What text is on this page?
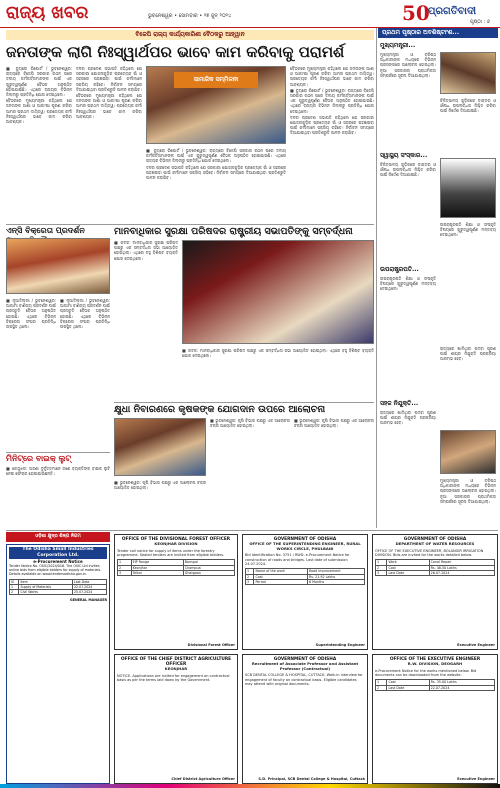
ରାଜ୍ୟ ଖବର	ଭୁବନେଶ୍ୱର • ସୋମବାର • ୨୭ ଜୁନ୍ ୨୦୨୪	50
ପ୍ରଗତିବାଦୀ
ପୃଷ୍ଠା : ୬
ବିଜେପି ରାଜ୍ୟ କାର୍ଯ୍ୟକାରିଣୀ ବୈଠକରୁ ଆହ୍ୱାନ
ଜନତାଙ୍କ ଲାଗି ନିଃସ୍ୱାର୍ଥପର ଭାବେ କାମ କରିବାକୁ ପରାମର୍ଶ

■ ବ୍ୟୁରୋ ରିପୋର୍ଟ / ଭୁବନେଶ୍ୱର: ରାଜ୍ୟରେ ବିଜେପି ସରକାର ଗଠନ ପରେ ଦଳୀୟ କର୍ମକର୍ତ୍ତାମାନଙ୍କ ପାଇଁ ଏକ ଗୁରୁତ୍ୱପୂର୍ଣ୍ଣ ବୈଠକ ଅନୁଷ୍ଠିତ ହୋଇଯାଇଛି। ଏଥିରେ ରାଜ୍ୟର ବିଭିନ୍ନ ଜିଲ୍ଲାରୁ ପ୍ରତିନିଧି ଯୋଗ ଦେଇଥିଲେ।

ବୈଠକରେ ମୁଖ୍ୟମନ୍ତ୍ରୀ କହିଥିଲେ ଯେ ଜନତାଙ୍କ ଆଶା ଓ ଆକାଂକ୍ଷା ପୂରଣ କରିବା ଆମର ପ୍ରଥମ ଦାୟିତ୍ୱ। ପ୍ରତ୍ୟେକ କର୍ମୀ ନିଃସ୍ୱାର୍ଥପର ଭାବେ କାମ କରିବା ଆବଶ୍ୟକ।

ଦଳର ପ୍ରଦେଶ ସଭାପତି କହିଥିଲେ ଯେ ସରକାରୀ ଯୋଜନାଗୁଡ଼ିକ ପ୍ରତ୍ୟେକ ଗାଁ ଓ ସହରରେ ପହଞ୍ଚାଇବା ପାଇଁ କର୍ମୀମାନେ ସକ୍ରିୟ ରହିବେ। ନିର୍ବାଚନ ସମୟରେ ଦିଆଯାଇଥିବା ପ୍ରତିଶ୍ରୁତି ପାଳନ କରାଯିବ।

ବୈଠକରେ ମୁଖ୍ୟମନ୍ତ୍ରୀ କହିଥିଲେ ଯେ ଜନତାଙ୍କ ଆଶା ଓ ଆକାଂକ୍ଷା ପୂରଣ କରିବା ଆମର ପ୍ରଥମ ଦାୟିତ୍ୱ। ପ୍ରତ୍ୟେକ କର୍ମୀ ନିଃସ୍ୱାର୍ଥପର ଭାବେ କାମ କରିବା ଆବଶ୍ୟକ।

ସାମାଜିକ ସମ୍ମିଳନୀ

■ ବ୍ୟୁରୋ ରିପୋର୍ଟ / ଭୁବନେଶ୍ୱର: ରାଜ୍ୟରେ ବିଜେପି ସରକାର ଗଠନ ପରେ ଦଳୀୟ କର୍ମକର୍ତ୍ତାମାନଙ୍କ ପାଇଁ ଏକ ଗୁରୁତ୍ୱପୂର୍ଣ୍ଣ ବୈଠକ ଅନୁଷ୍ଠିତ ହୋଇଯାଇଛି। ଏଥିରେ ରାଜ୍ୟର ବିଭିନ୍ନ ଜିଲ୍ଲାରୁ ପ୍ରତିନିଧି ଯୋଗ ଦେଇଥିଲେ।

ଦଳର ପ୍ରଦେଶ ସଭାପତି କହିଥିଲେ ଯେ ସରକାରୀ ଯୋଜନାଗୁଡ଼ିକ ପ୍ରତ୍ୟେକ ଗାଁ ଓ ସହରରେ ପହଞ୍ଚାଇବା ପାଇଁ କର୍ମୀମାନେ ସକ୍ରିୟ ରହିବେ। ନିର୍ବାଚନ ସମୟରେ ଦିଆଯାଇଥିବା ପ୍ରତିଶ୍ରୁତି ପାଳନ କରାଯିବ।

ବୈଠକରେ ମୁଖ୍ୟମନ୍ତ୍ରୀ କହିଥିଲେ ଯେ ଜନତାଙ୍କ ଆଶା ଓ ଆକାଂକ୍ଷା ପୂରଣ କରିବା ଆମର ପ୍ରଥମ ଦାୟିତ୍ୱ। ପ୍ରତ୍ୟେକ କର୍ମୀ ନିଃସ୍ୱାର୍ଥପର ଭାବେ କାମ କରିବା ଆବଶ୍ୟକ।

■ ବ୍ୟୁରୋ ରିପୋର୍ଟ / ଭୁବନେଶ୍ୱର: ରାଜ୍ୟରେ ବିଜେପି ସରକାର ଗଠନ ପରେ ଦଳୀୟ କର୍ମକର୍ତ୍ତାମାନଙ୍କ ପାଇଁ ଏକ ଗୁରୁତ୍ୱପୂର୍ଣ୍ଣ ବୈଠକ ଅନୁଷ୍ଠିତ ହୋଇଯାଇଛି। ଏଥିରେ ରାଜ୍ୟର ବିଭିନ୍ନ ଜିଲ୍ଲାରୁ ପ୍ରତିନିଧି ଯୋଗ ଦେଇଥିଲେ।

ଦଳର ପ୍ରଦେଶ ସଭାପତି କହିଥିଲେ ଯେ ସରକାରୀ ଯୋଜନାଗୁଡ଼ିକ ପ୍ରତ୍ୟେକ ଗାଁ ଓ ସହରରେ ପହଞ୍ଚାଇବା ପାଇଁ କର୍ମୀମାନେ ସକ୍ରିୟ ରହିବେ। ନିର୍ବାଚନ ସମୟରେ ଦିଆଯାଇଥିବା ପ୍ରତିଶ୍ରୁତି ପାଳନ କରାଯିବ।

ପ୍ରଥମ ପୃଷ୍ଠାର ଅବଶିଷ୍ଟାଂଶ...
ମୁଖ୍ୟମନ୍ତ୍ରୀ...
ମୁଖ୍ୟମନ୍ତ୍ରୀ ଓ ବରିଷ୍ଠ ଅଧିକାରୀଙ୍କ ମଧ୍ୟରେ ବିଭିନ୍ନ ପ୍ରସଙ୍ଗରେ ଆଲୋଚନା ହୋଇଥିଲା। ନୂଆ ସରକାରର ପ୍ରାଥମିକତା ସମ୍ପର୍କରେ ସୂଚନା ଦିଆଯାଇଥିଲା।
ଚିକିତ୍ସାଳୟ ଗୁଡ଼ିକରେ ଡାକ୍ତର ଓ ଔଷଧ ଉପଲବ୍ଧତା ନିଶ୍ଚିତ କରିବା ପାଇଁ ନିର୍ଦ୍ଦେଶ ଦିଆଯାଇଛି।
ସ୍ୱାସ୍ଥ୍ୟ ସଂସ୍କାର...
ଚିକିତ୍ସାଳୟ ଗୁଡ଼ିକରେ ଡାକ୍ତର ଓ ଔଷଧ ଉପଲବ୍ଧତା ନିଶ୍ଚିତ କରିବା ପାଇଁ ନିର୍ଦ୍ଦେଶ ଦିଆଯାଇଛି।
ଉପରାଷ୍ଟ୍ରପତି ଶିକ୍ଷା ଓ ସଂସ୍କୃତି ବିଷୟରେ ଗୁରୁତ୍ୱପୂର୍ଣ୍ଣ ମନ୍ତବ୍ୟ ଦେଇଥିଲେ।
ଉପରାଷ୍ଟ୍ରପତି...
ଉପରାଷ୍ଟ୍ରପତି ଶିକ୍ଷା ଓ ସଂସ୍କୃତି ବିଷୟରେ ଗୁରୁତ୍ୱପୂର୍ଣ୍ଣ ମନ୍ତବ୍ୟ ଦେଇଥିଲେ।
ସହଜ ନିଯୁକ୍ତି...
ରାଜ୍ୟରେ ଖାଲିଥିବା ପଦବୀ ପୂରଣ ପାଇଁ ଶୀଘ୍ର ନିଯୁକ୍ତି ପ୍ରକ୍ରିୟା ଆରମ୍ଭ ହେବ।
ରାଜ୍ୟରେ ଖାଲିଥିବା ପଦବୀ ପୂରଣ ପାଇଁ ଶୀଘ୍ର ନିଯୁକ୍ତି ପ୍ରକ୍ରିୟା ଆରମ୍ଭ ହେବ।
ମୁଖ୍ୟମନ୍ତ୍ରୀ ଓ ବରିଷ୍ଠ ଅଧିକାରୀଙ୍କ ମଧ୍ୟରେ ବିଭିନ୍ନ ପ୍ରସଙ୍ଗରେ ଆଲୋଚନା ହୋଇଥିଲା। ନୂଆ ସରକାରର ପ୍ରାଥମିକତା ସମ୍ପର୍କରେ ସୂଚନା ଦିଆଯାଇଥିଲା।
ଏନ୍ସି ବିକ୍ରେତା ପ୍ରଦର୍ଶନ
■ ନୂଆଦିଲ୍ଲୀ / ଭୁବନେଶ୍ୱର: ଆଗାମୀ ବାଣିଜ୍ୟ ପ୍ରଦର୍ଶନ ପାଇଁ ପ୍ରସ୍ତୁତି ବୈଠକ ଅନୁଷ୍ଠିତ ହୋଇଛି। ଏଥିରେ ବିଭିନ୍ନ ବିକ୍ରେତା ସଂଘର ପ୍ରତିନିଧି ଉପସ୍ଥିତ ଥିଲେ।
■ ନୂଆଦିଲ୍ଲୀ / ଭୁବନେଶ୍ୱର: ଆଗାମୀ ବାଣିଜ୍ୟ ପ୍ରଦର୍ଶନ ପାଇଁ ପ୍ରସ୍ତୁତି ବୈଠକ ଅନୁଷ୍ଠିତ ହୋଇଛି। ଏଥିରେ ବିଭିନ୍ନ ବିକ୍ରେତା ସଂଘର ପ୍ରତିନିଧି ଉପସ୍ଥିତ ଥିଲେ।
ମାନବାଧିକାର ସୁରକ୍ଷା ପରିଷଦର ରାଷ୍ଟ୍ରୀୟ ସଭାପତିଙ୍କୁ ସମ୍ବର୍ଦ୍ଧନା
■ କଟକ: ମାନବାଧିକାର ସୁରକ୍ଷା ପରିଷଦ ପକ୍ଷରୁ ଏକ ସମ୍ବର୍ଦ୍ଧନା ସଭା ଆୟୋଜିତ ହୋଇଥିଲା। ଏଥିରେ ବହୁ ବିଶିଷ୍ଟ ବ୍ୟକ୍ତି ଯୋଗ ଦେଇଥିଲେ।
■ କଟକ: ମାନବାଧିକାର ସୁରକ୍ଷା ପରିଷଦ ପକ୍ଷରୁ ଏକ ସମ୍ବର୍ଦ୍ଧନା ସଭା ଆୟୋଜିତ ହୋଇଥିଲା। ଏଥିରେ ବହୁ ବିଶିଷ୍ଟ ବ୍ୟକ୍ତି ଯୋଗ ଦେଇଥିଲେ।
କ୍ଷୁଧା ନିବାରଣରେ କୃଷକଙ୍କ ଯୋଗଦାନ ଉପରେ ଆଲୋଚନା
■ ଭୁବନେଶ୍ୱର: କୃଷି ବିଭାଗ ପକ୍ଷରୁ ଏକ ଆଲୋଚନା ଚକ୍ର ଆୟୋଜିତ ହୋଇଥିଲା।
■ ଭୁବନେଶ୍ୱର: କୃଷି ବିଭାଗ ପକ୍ଷରୁ ଏକ ଆଲୋଚନା ଚକ୍ର ଆୟୋଜିତ ହୋଇଥିଲା।
■ ଭୁବନେଶ୍ୱର: କୃଷି ବିଭାଗ ପକ୍ଷରୁ ଏକ ଆଲୋଚନା ଚକ୍ର ଆୟୋଜିତ ହୋଇଥିଲା।
ମିନିଟ୍ରେ ବାଇକ୍ ଲୁଟ୍
■ କେନ୍ଦୁଝର: ଅଜଣା ଦୁର୍ବୃତ୍ତମାନେ ଜଣେ ବ୍ୟକ୍ତିଙ୍କ ବାଇକ୍ ଲୁଟି ନେଇ ଫେରାର ହୋଇଯାଇଛନ୍ତି।
ଓଡ଼ିଶା କ୍ଷୁଦ୍ର ଶିଳ୍ପ ନିଗମ
The Odisha Small Industries Corporation Ltd.
e-Procurement Notice
Tender Notice No. OSIC/2024/016. The OSIC Ltd invites online bids from eligible bidders for supply of materials. Details available on www.tendersodisha.gov.in.
Sl	Item	Last Date
1	Supply of Materials	22.07.2024
2	Civil Works	25.07.2024
GENERAL MANAGER
OFFICE OF THE DIVISIONAL FOREST OFFICER
KEONJHAR DIVISION
Tender call notice for supply of items under the forestry programme. Sealed tenders are invited from eligible bidders.
1	EIP Range	Banspal
2	Keonjhar	Champua
3	Telkoi	Ghatgaon
Divisional Forest Officer
GOVERNMENT OF ODISHA
OFFICE OF THE SUPERINTENDING ENGINEER, RURAL WORKS CIRCLE, PHULBANI
Bid Identification No. 3751 / RWD. e-Procurement Notice for construction of roads and bridges. Last date of submission 24.07.2024.
1	Name of the work	Road Improvement
2	Cost	Rs. 21.92 Lakhs
3	Period	6 Months
Superintending Engineer
GOVERNMENT OF ODISHA
DEPARTMENT OF WATER RESOURCES
OFFICE OF THE EXECUTIVE ENGINEER, BOLANGIR IRRIGATION DIVISION. Bids are invited for the works detailed below.
1	Work	Canal Repair
2	Cost	Rs. 48.50 Lakhs
3	Last Date	26.07.2024
Executive Engineer
OFFICE OF THE CHIEF DISTRICT AGRICULTURE OFFICER
KEONJHAR
NOTICE. Applications are invited for engagement on contractual basis as per the terms laid down by the Government.
Chief District Agriculture Officer
GOVERNMENT OF ODISHA
Recruitment of Associate Professor and Assistant Professor (Contractual)
SCB DENTAL COLLEGE & HOSPITAL, CUTTACK. Walk-in interview for engagement of faculty on contractual basis. Eligible candidates may attend with original documents.
S.D. Principal, SCB Dental College & Hospital, Cuttack
OFFICE OF THE EXECUTIVE ENGINEER
R.W. DIVISION, DEOGARH
e-Procurement Notice for the works mentioned below. Bid documents can be downloaded from the website.
1	Cost	Rs. 35.00 Lakhs
2	Last Date	22.07.2024
Executive Engineer
